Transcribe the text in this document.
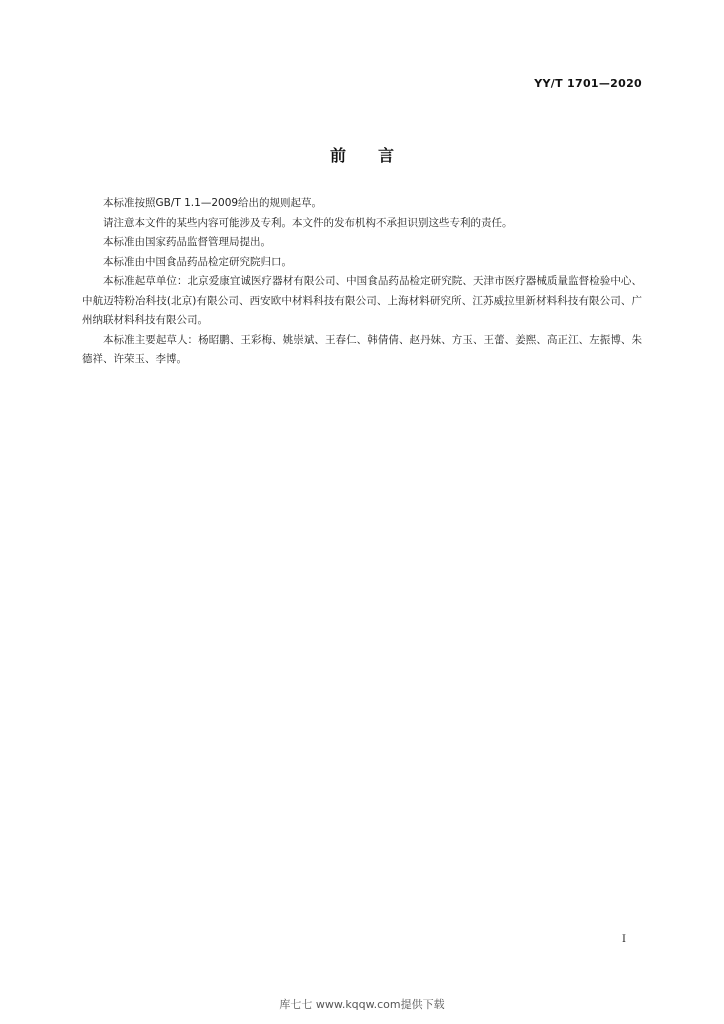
YY/T 1701—2020
前言

本标准按照GB/T 1.1—2009给出的规则起草。

请注意本文件的某些内容可能涉及专利。本文件的发布机构不承担识别这些专利的责任。

本标准由国家药品监督管理局提出。

本标准由中国食品药品检定研究院归口。

本标准起草单位：北京爱康宜诚医疗器材有限公司、中国食品药品检定研究院、天津市医疗器械质量监督检验中心、中航迈特粉冶科技(北京)有限公司、西安欧中材料科技有限公司、上海材料研究所、江苏威拉里新材料科技有限公司、广州纳联材料科技有限公司。

本标准主要起草人：杨昭鹏、王彩梅、姚崇斌、王春仁、韩倩倩、赵丹妹、方玉、王蕾、姜熙、高正江、左振博、朱德祥、许荣玉、李博。

I
库七七 www.kqqw.com提供下载
